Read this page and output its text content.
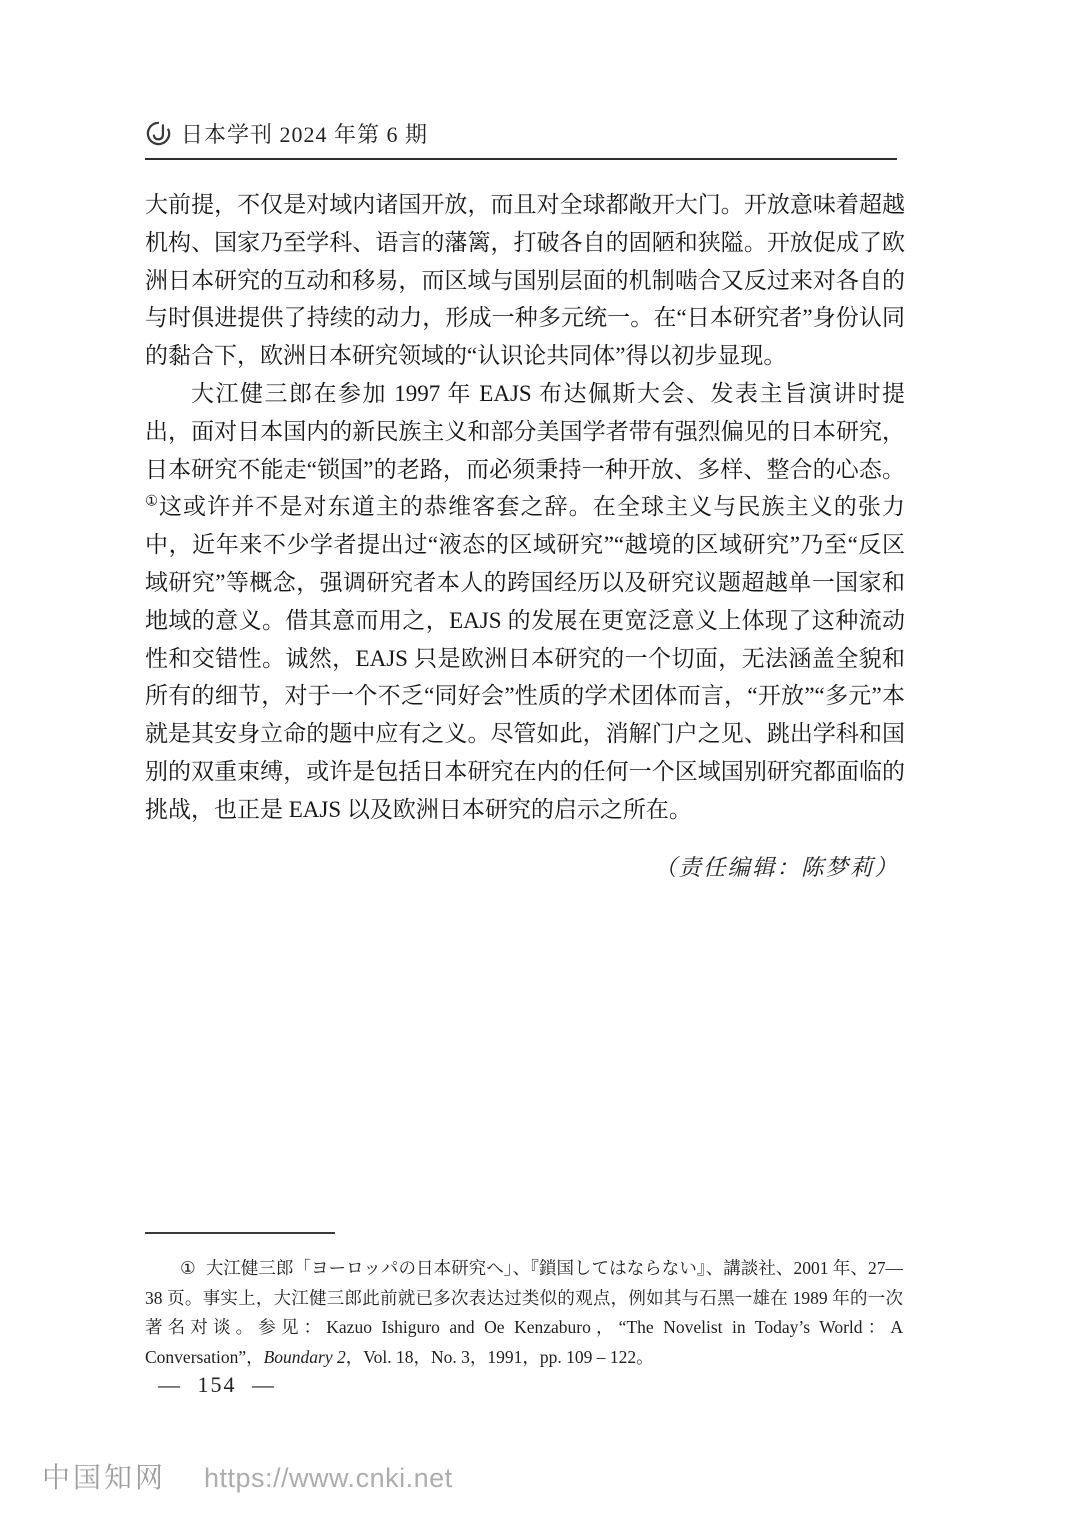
日本学刊 2024 年第 6 期

大前提，不仅是对域内诸国开放，而且对全球都敞开大门。开放意味着超越机构、国家乃至学科、语言的藩篱，打破各自的固陋和狭隘。开放促成了欧洲日本研究的互动和移易，而区域与国别层面的机制啮合又反过来对各自的与时俱进提供了持续的动力，形成一种多元统一。在“日本研究者”身份认同的黏合下，欧洲日本研究领域的“认识论共同体”得以初步显现。

大江健三郎在参加 1997 年 EAJS 布达佩斯大会、发表主旨演讲时提出，面对日本国内的新民族主义和部分美国学者带有强烈偏见的日本研究，日本研究不能走“锁国”的老路，而必须秉持一种开放、多样、整合的心态。①这或许并不是对东道主的恭维客套之辞。在全球主义与民族主义的张力中，近年来不少学者提出过“液态的区域研究”“越境的区域研究”乃至“反区域研究”等概念，强调研究者本人的跨国经历以及研究议题超越单一国家和地域的意义。借其意而用之，EAJS 的发展在更宽泛意义上体现了这种流动性和交错性。诚然，EAJS 只是欧洲日本研究的一个切面，无法涵盖全貌和所有的细节，对于一个不乏“同好会”性质的学术团体而言，“开放”“多元”本就是其安身立命的题中应有之义。尽管如此，消解门户之见、跳出学科和国别的双重束缚，或许是包括日本研究在内的任何一个区域国别研究都面临的挑战，也正是 EAJS 以及欧洲日本研究的启示之所在。

（责任编辑：陈梦莉）

① 大江健三郎「ヨーロッパの日本研究へ」、『鎖国してはならない』、講談社、2001 年、27—38 页。事实上，大江健三郎此前就已多次表达过类似的观点，例如其与石黑一雄在 1989 年的一次著名对谈。参见：Kazuo Ishiguro and Oe Kenzaburo，“The Novelist in Today’s World：A Conversation”，Boundary 2，Vol. 18，No. 3，1991，pp. 109 – 122。

— 154 —
中国知网 https://www.cnki.net
